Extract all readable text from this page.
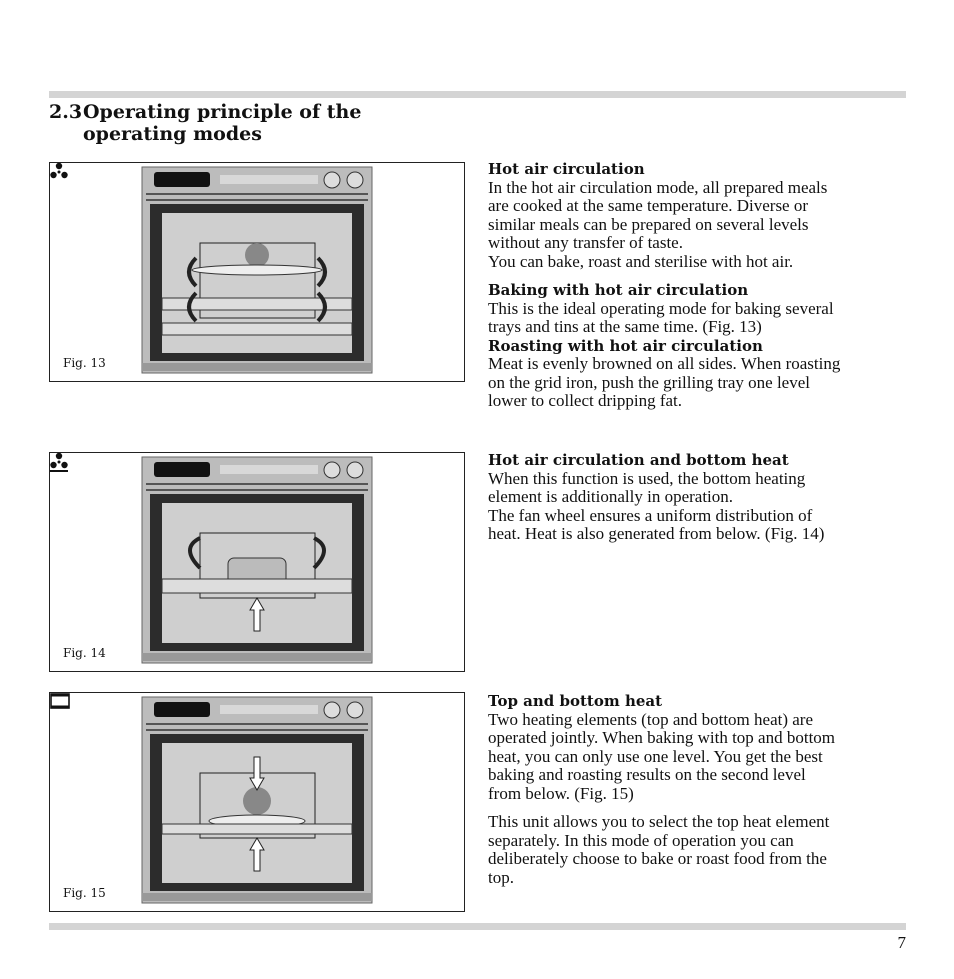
2.3Operating principle of the
operating modes
Fig. 13
Fig. 14
Fig. 15
Hot air circulation

In the hot air circulation mode, all prepared meals

are cooked at the same temperature. Diverse or

similar meals can be prepared on several levels

without any transfer of taste.

You can bake, roast and sterilise with hot air.

Baking with hot air circulation

This is the ideal operating mode for baking several

trays and tins at the same time. (Fig. 13)

Roasting with hot air circulation

Meat is evenly browned on all sides. When roasting

on the grid iron, push the grilling tray one level

lower to collect dripping fat.

Hot air circulation and bottom heat

When this function is used, the bottom heating

element is additionally in operation.

The fan wheel ensures a uniform distribution of

heat. Heat is also generated from below. (Fig. 14)

Top and bottom heat

Two heating elements (top and bottom heat) are

operated jointly. When baking with top and bottom

heat, you can only use one level. You get the best

baking and roasting results on the second level

from below. (Fig. 15)

This unit allows you to select the top heat element

separately. In this mode of operation you can

deliberately choose to bake or roast food from the

top.

7
